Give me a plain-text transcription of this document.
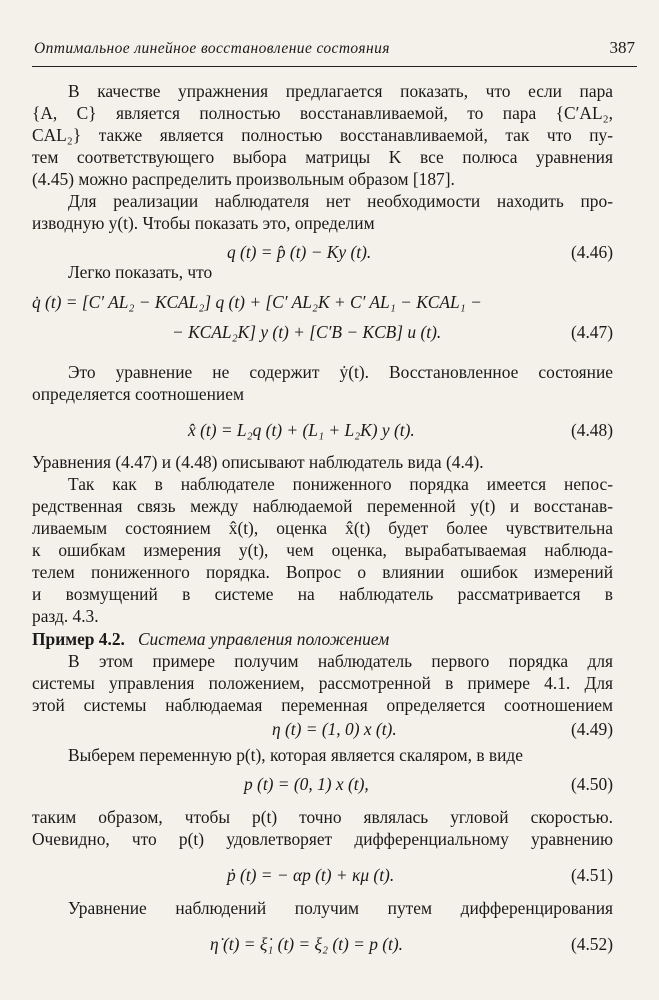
Оптимальное линейное восстановление состояния	387
В качестве упражнения предлагается показать, что если пара
{A, C} является полностью восстанавливаемой, то пара {C′AL₂,
CAL₂} также является полностью восстанавливаемой, так что пу-
тем соответствующего выбора матрицы K все полюса уравнения
(4.45) можно распределить произвольным образом [187].
Для реализации наблюдателя нет необходимости находить про-
изводную y(t). Чтобы показать это, определим
q (t) = p̂ (t) − Ky (t).	(4.46)
Легко показать, что
q̇ (t) = [C′ AL₂ − KCAL₂] q (t) + [C′ AL₂K + C′ AL₁ − KCAL₁ −
− KCAL₂K] y (t) + [C′B − KCB] u (t).	(4.47)
Это уравнение не содержит ẏ(t). Восстановленное состояние
определяется соотношением
x̂ (t) = L₂q (t) + (L₁ + L₂K) y (t).	(4.48)
Уравнения (4.47) и (4.48) описывают наблюдатель вида (4.4).
Так как в наблюдателе пониженного порядка имеется непос-
редственная связь между наблюдаемой переменной y(t) и восстанав-
ливаемым состоянием x̂(t), оценка x̂(t) будет более чувствительна
к ошибкам измерения y(t), чем оценка, вырабатываемая наблюда-
телем пониженного порядка. Вопрос о влиянии ошибок измерений
и возмущений в системе на наблюдатель рассматривается в
разд. 4.3.
Пример 4.2. Система управления положением
В этом примере получим наблюдатель первого порядка для
системы управления положением, рассмотренной в примере 4.1. Для
этой системы наблюдаемая переменная определяется соотношением
η (t) = (1, 0) x (t).	(4.49)
Выберем переменную p(t), которая является скаляром, в виде
p (t) = (0, 1) x (t),	(4.50)
таким образом, чтобы p(t) точно являлась угловой скоростью.
Очевидно, что p(t) удовлетворяет дифференциальному уравнению
ṗ (t) = − αp (t) + κμ (t).	(4.51)
Уравнение наблюдений получим путем дифференцирования
η̇ (t) = ξ̇₁ (t) = ξ₂ (t) = p (t).	(4.52)
